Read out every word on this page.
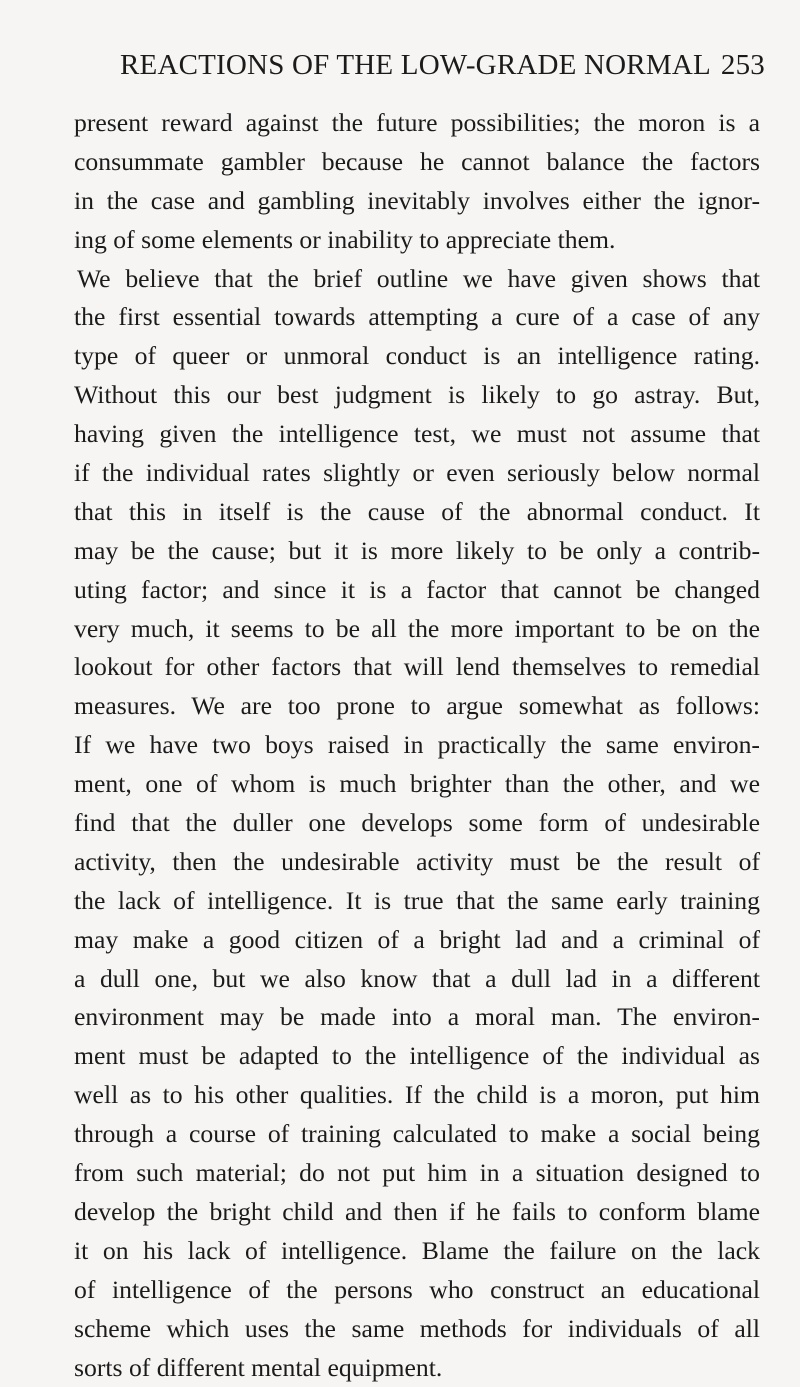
REACTIONS OF THE LOW-GRADE NORMAL 253
present reward against the future possibilities; the moron is a
consummate gambler because he cannot balance the factors
in the case and gambling inevitably involves either the ignor-
ing of some elements or inability to appreciate them.
We believe that the brief outline we have given shows that
the first essential towards attempting a cure of a case of any
type of queer or unmoral conduct is an intelligence rating.
Without this our best judgment is likely to go astray. But,
having given the intelligence test, we must not assume that
if the individual rates slightly or even seriously below normal
that this in itself is the cause of the abnormal conduct. It
may be the cause; but it is more likely to be only a contrib-
uting factor; and since it is a factor that cannot be changed
very much, it seems to be all the more important to be on the
lookout for other factors that will lend themselves to remedial
measures. We are too prone to argue somewhat as follows:
If we have two boys raised in practically the same environ-
ment, one of whom is much brighter than the other, and we
find that the duller one develops some form of undesirable
activity, then the undesirable activity must be the result of
the lack of intelligence. It is true that the same early training
may make a good citizen of a bright lad and a criminal of
a dull one, but we also know that a dull lad in a different
environment may be made into a moral man. The environ-
ment must be adapted to the intelligence of the individual as
well as to his other qualities. If the child is a moron, put him
through a course of training calculated to make a social being
from such material; do not put him in a situation designed to
develop the bright child and then if he fails to conform blame
it on his lack of intelligence. Blame the failure on the lack
of intelligence of the persons who construct an educational
scheme which uses the same methods for individuals of all
sorts of different mental equipment.
